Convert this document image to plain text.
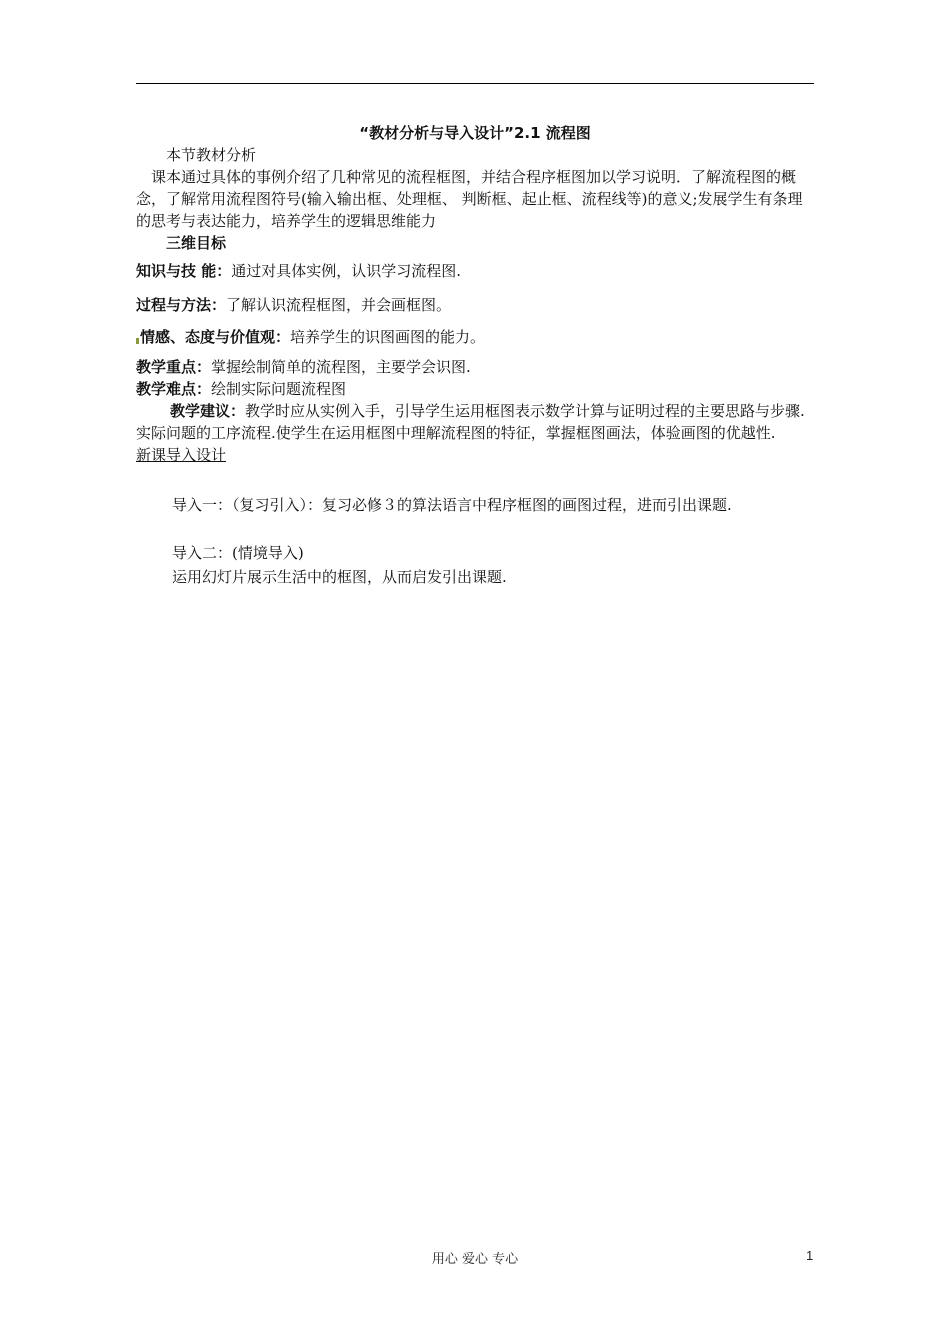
“教材分析与导入设计”2.1 流程图

本节教材分析

课本通过具体的事例介绍了几种常见的流程框图，并结合程序框图加以学习说明．了解流程图的概念，了解常用流程图符号(输入输出框、处理框、 判断框、起止框、流程线等)的意义;发展学生有条理的思考与表达能力，培养学生的逻辑思维能力

三维目标

知识与技 能：通过对具体实例，认识学习流程图.

过程与方法：了解认识流程框图，并会画框图。

情感、态度与价值观：培养学生的识图画图的能力。

教学重点：掌握绘制简单的流程图，主要学会识图.

教学难点：绘制实际问题流程图

教学建议：教学时应从实例入手，引导学生运用框图表示数学计算与证明过程的主要思路与步骤.实际问题的工序流程.使学生在运用框图中理解流程图的特征，掌握框图画法，体验画图的优越性.

新课导入设计

导入一：（复习引入）：复习必修３的算法语言中程序框图的画图过程，进而引出课题.

导入二：(情境导入)

运用幻灯片展示生活中的框图，从而启发引出课题.

用心 爱心 专心	1
